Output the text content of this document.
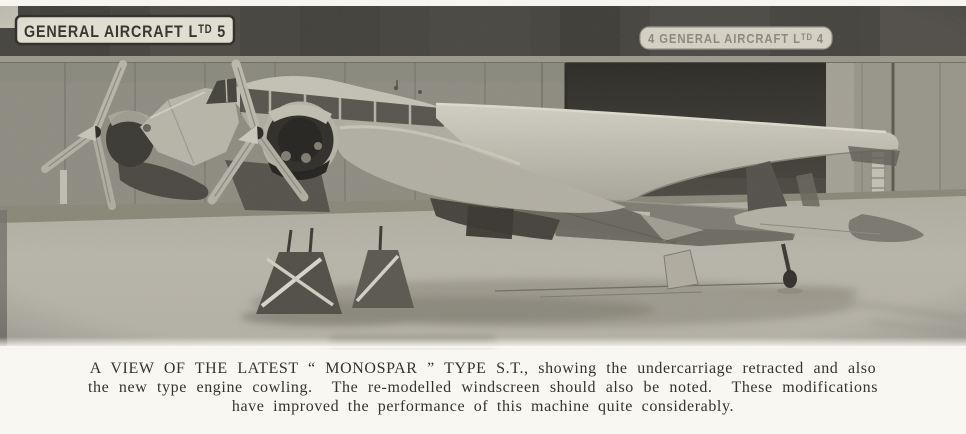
A VIEW OF THE LATEST “ MONOSPAR ” TYPE S.T., showing the undercarriage retracted and also
the new type engine cowling.  The re-modelled windscreen should also be noted.  These modifications
have improved the performance of this machine quite considerably.
